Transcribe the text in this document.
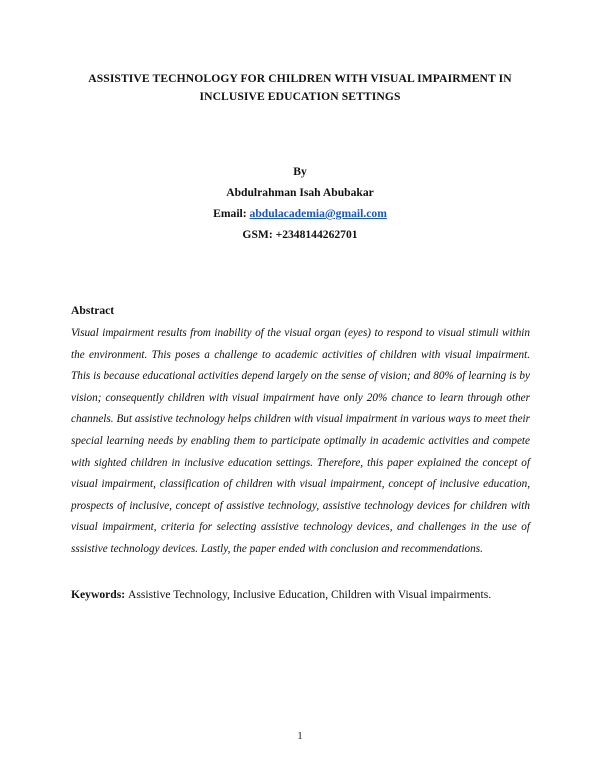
ASSISTIVE TECHNOLOGY FOR CHILDREN WITH VISUAL IMPAIRMENT IN
INCLUSIVE EDUCATION SETTINGS
By
Abdulrahman Isah Abubakar
Email: abdulacademia@gmail.com
GSM: +2348144262701
Abstract

Visual impairment results from inability of the visual organ (eyes) to respond to visual stimuli within the environment. This poses a challenge to academic activities of children with visual impairment. This is because educational activities depend largely on the sense of vision; and 80% of learning is by vision; consequently children with visual impairment have only 20% chance to learn through other channels. But assistive technology helps children with visual impairment in various ways to meet their special learning needs by enabling them to participate optimally in academic activities and compete with sighted children in inclusive education settings. Therefore, this paper explained the concept of visual impairment, classification of children with visual impairment, concept of inclusive education, prospects of inclusive, concept of assistive technology, assistive technology devices for children with visual impairment, criteria for selecting assistive technology devices, and challenges in the use of sssistive technology devices. Lastly, the paper ended with conclusion and recommendations.

Keywords: Assistive Technology, Inclusive Education, Children with Visual impairments.

1
